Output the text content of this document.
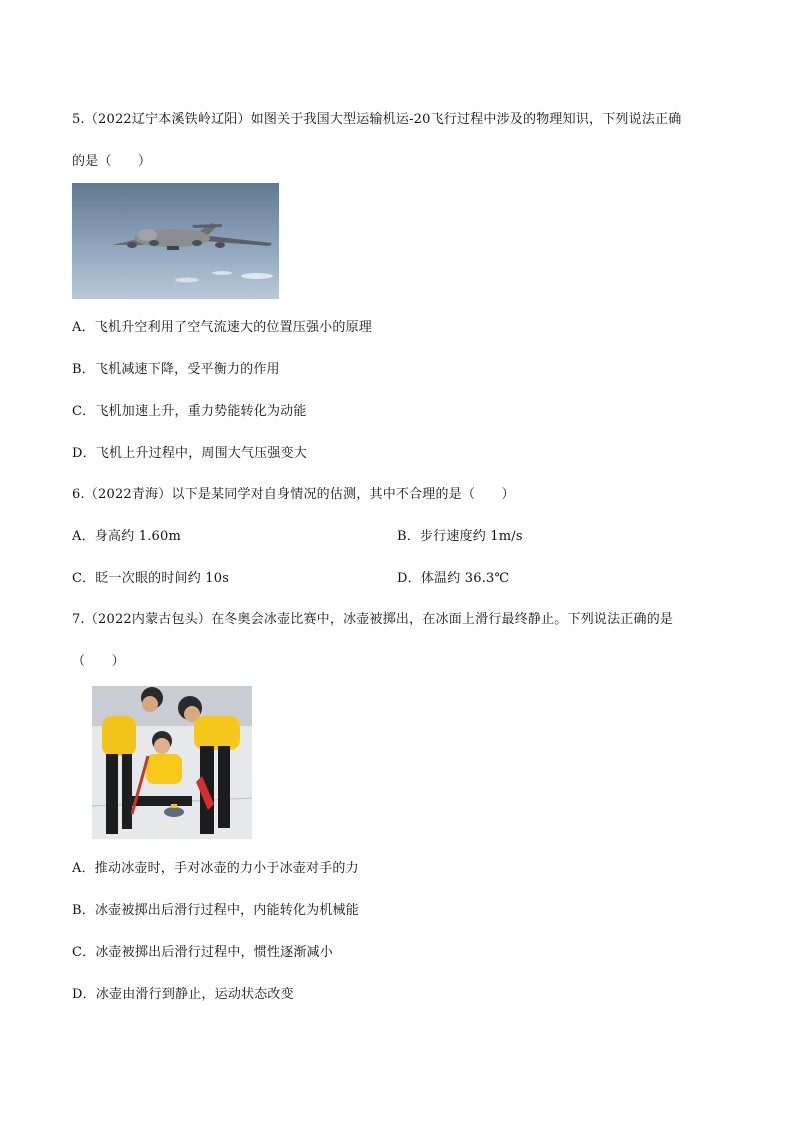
5.（2022辽宁本溪铁岭辽阳）如图关于我国大型运输机运-20飞行过程中涉及的物理知识，下列说法正确
的是（　　）
A．飞机升空利用了空气流速大的位置压强小的原理
B．飞机减速下降，受平衡力的作用
C．飞机加速上升，重力势能转化为动能
D．飞机上升过程中，周围大气压强变大
6.（2022青海）以下是某同学对自身情况的估测，其中不合理的是（　　）
A．身高约 1.60m	B．步行速度约 1m/s
C．眨一次眼的时间约 10s	D．体温约 36.3℃
7.（2022内蒙古包头）在冬奥会冰壶比赛中，冰壶被掷出，在冰面上滑行最终静止。下列说法正确的是
（　　）
A．推动冰壶时，手对冰壶的力小于冰壶对手的力
B．冰壶被掷出后滑行过程中，内能转化为机械能
C．冰壶被掷出后滑行过程中，惯性逐渐减小
D．冰壶由滑行到静止，运动状态改变
